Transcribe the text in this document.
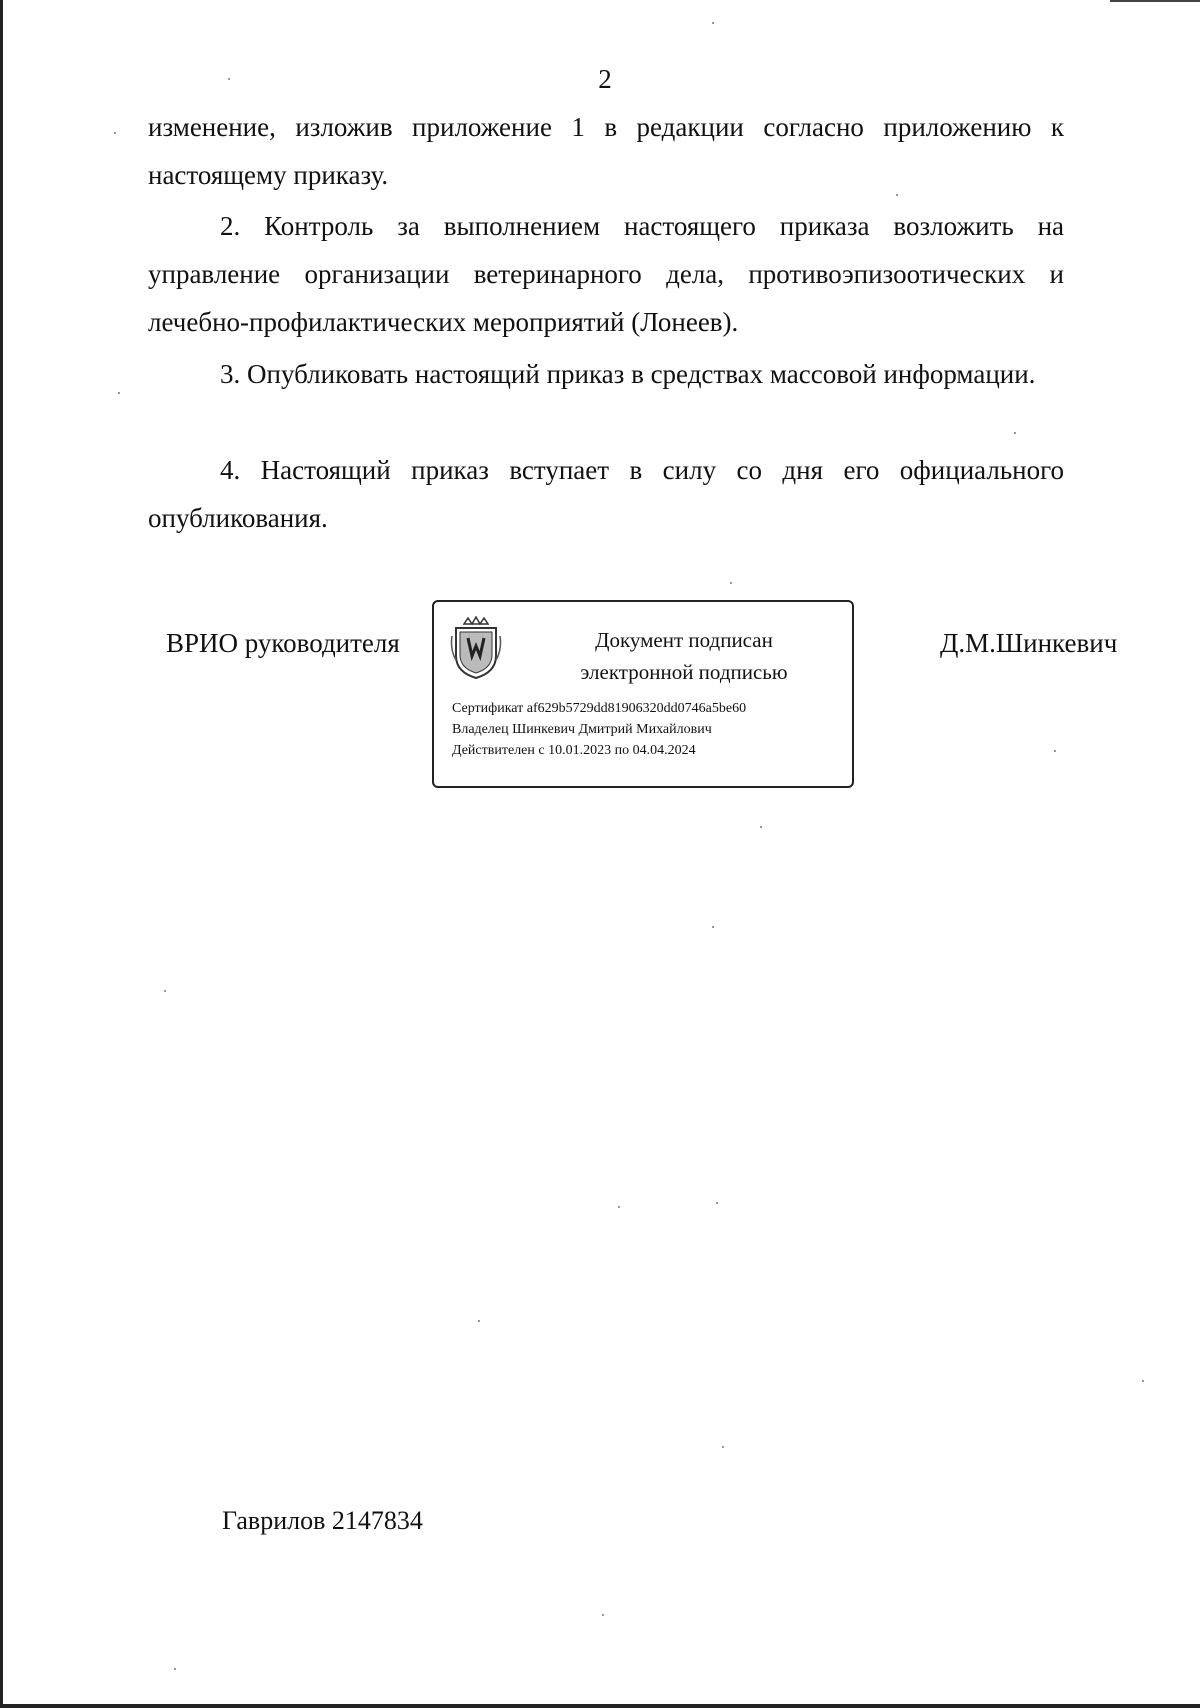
2
изменение, изложив приложение 1 в редакции согласно приложению к настоящему приказу.
2. Контроль за выполнением настоящего приказа возложить на управление организации ветеринарного дела, противоэпизоотических и лечебно-профилактических мероприятий (Лонеев).
3. Опубликовать настоящий приказ в средствах массовой информации.
4. Настоящий приказ вступает в силу со дня его официального опубликования.
ВРИО руководителя	Документ подписан
электронной подписью
Сертификат af629b5729dd81906320dd0746a5be60
Владелец Шинкевич Дмитрий Михайлович
Действителен с 10.01.2023 по 04.04.2024
Д.М.Шинкевич
Гаврилов 2147834
